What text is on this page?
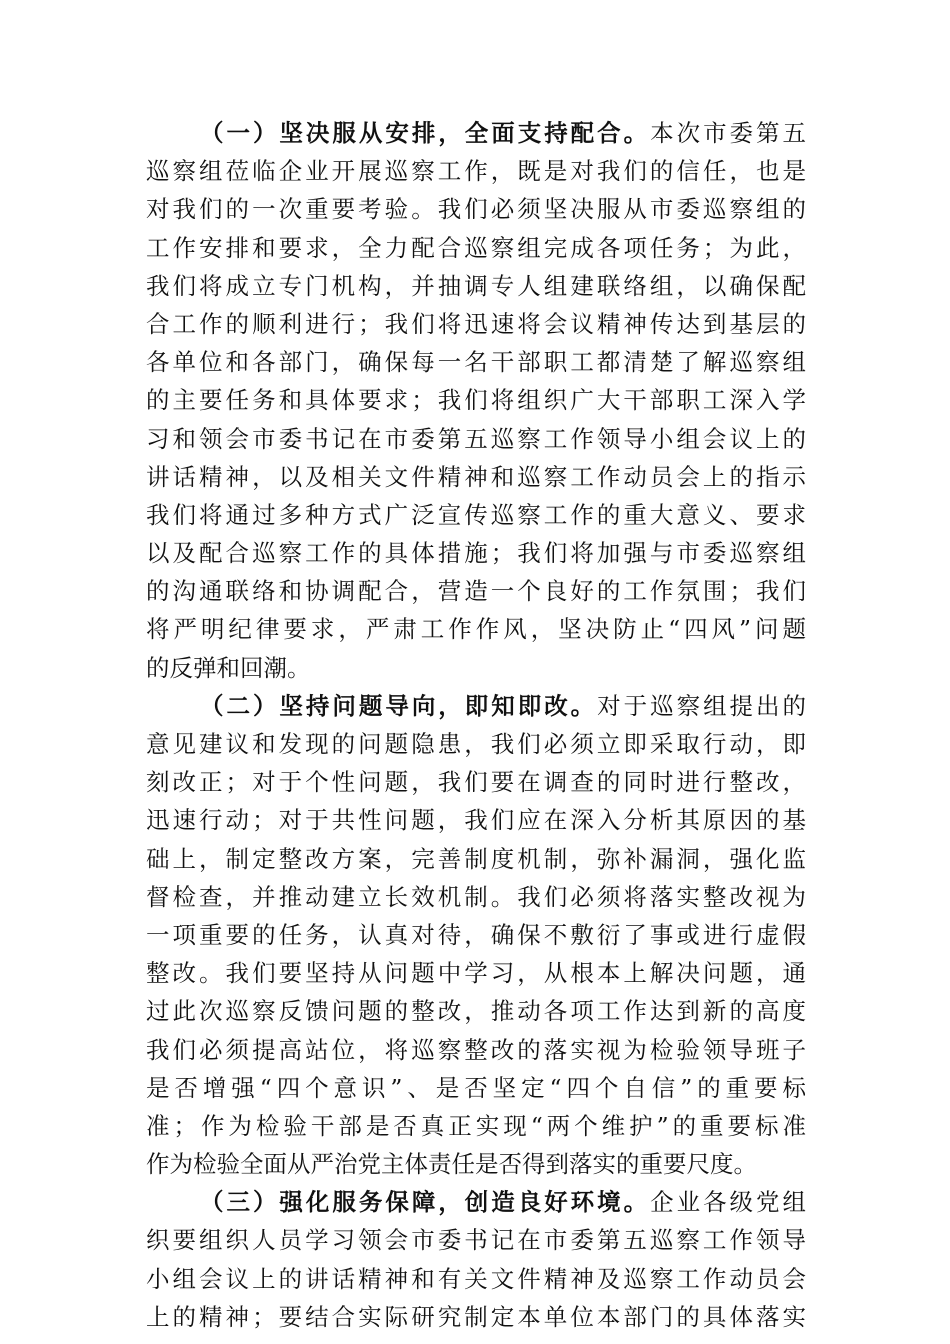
（一）坚决服从安排，全面支持配合。本次市委第五
巡察组莅临企业开展巡察工作，既是对我们的信任，也是
对我们的一次重要考验。我们必须坚决服从市委巡察组的
工作安排和要求，全力配合巡察组完成各项任务；为此，
我们将成立专门机构，并抽调专人组建联络组，以确保配
合工作的顺利进行；我们将迅速将会议精神传达到基层的
各单位和各部门，确保每一名干部职工都清楚了解巡察组
的主要任务和具体要求；我们将组织广大干部职工深入学
习和领会市委书记在市委第五巡察工作领导小组会议上的
讲话精神，以及相关文件精神和巡察工作动员会上的指示
我们将通过多种方式广泛宣传巡察工作的重大意义、要求
以及配合巡察工作的具体措施；我们将加强与市委巡察组
的沟通联络和协调配合，营造一个良好的工作氛围；我们
将严明纪律要求，严肃工作作风，坚决防止“四风”问题
的反弹和回潮。
（二）坚持问题导向，即知即改。对于巡察组提出的
意见建议和发现的问题隐患，我们必须立即采取行动，即
刻改正；对于个性问题，我们要在调查的同时进行整改，
迅速行动；对于共性问题，我们应在深入分析其原因的基
础上，制定整改方案，完善制度机制，弥补漏洞，强化监
督检查，并推动建立长效机制。我们必须将落实整改视为
一项重要的任务，认真对待，确保不敷衍了事或进行虚假
整改。我们要坚持从问题中学习，从根本上解决问题，通
过此次巡察反馈问题的整改，推动各项工作达到新的高度
我们必须提高站位，将巡察整改的落实视为检验领导班子
是否增强“四个意识”、是否坚定“四个自信”的重要标
准；作为检验干部是否真正实现“两个维护”的重要标准
作为检验全面从严治党主体责任是否得到落实的重要尺度。
（三）强化服务保障，创造良好环境。企业各级党组
织要组织人员学习领会市委书记在市委第五巡察工作领导
小组会议上的讲话精神和有关文件精神及巡察工作动员会
上的精神；要结合实际研究制定本单位本部门的具体落实
